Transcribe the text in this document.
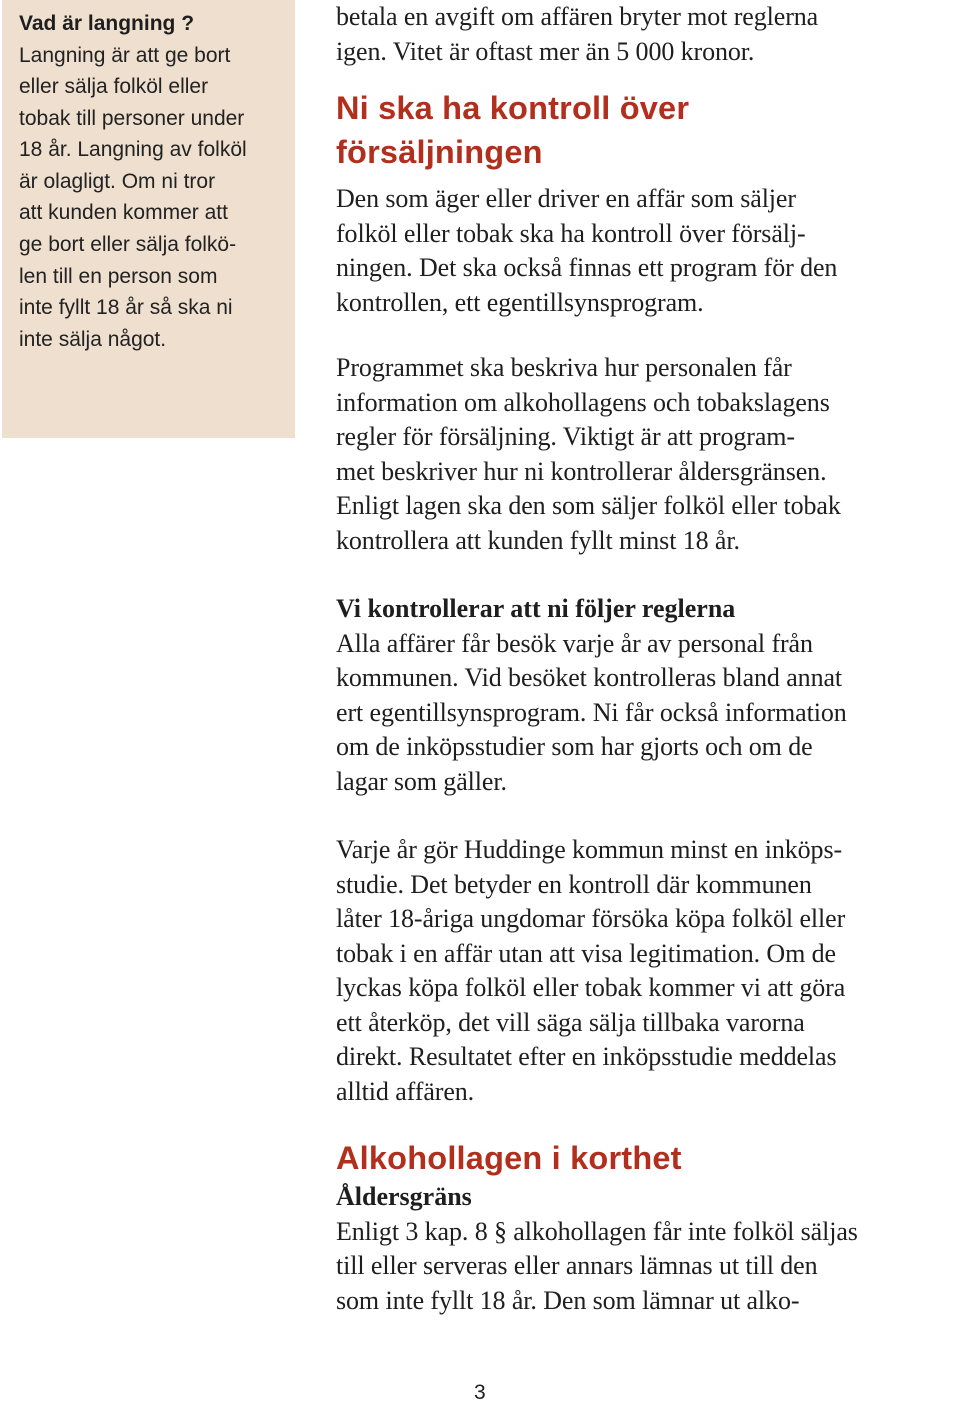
Vad är langning ?
Langning är att ge bort
eller sälja folköl eller
tobak till personer under
18 år. Langning av folköl
är olagligt. Om ni tror
att kunden kommer att
ge bort eller sälja folkö-
len till en person som
inte fyllt 18 år så ska ni
inte sälja något.
betala en avgift om affären bryter mot reglerna
igen. Vitet är oftast mer än 5 000 kronor.
Ni ska ha kontroll över
försäljningen
Den som äger eller driver en affär som säljer
folköl eller tobak ska ha kontroll över försälj-
ningen. Det ska också finnas ett program för den
kontrollen, ett egentillsynsprogram.
Programmet ska beskriva hur personalen får
information om alkohollagens och tobakslagens
regler för försäljning. Viktigt är att program-
met beskriver hur ni kontrollerar åldersgränsen.
Enligt lagen ska den som säljer folköl eller tobak
kontrollera att kunden fyllt minst 18 år.
Vi kontrollerar att ni följer reglerna
Alla affärer får besök varje år av personal från
kommunen. Vid besöket kontrolleras bland annat
ert egentillsynsprogram. Ni får också information
om de inköpsstudier som har gjorts och om de
lagar som gäller.
Varje år gör Huddinge kommun minst en inköps-
studie. Det betyder en kontroll där kommunen
låter 18-åriga ungdomar försöka köpa folköl eller
tobak i en affär utan att visa legitimation. Om de
lyckas köpa folköl eller tobak kommer vi att göra
ett återköp, det vill säga sälja tillbaka varorna
direkt. Resultatet efter en inköpsstudie meddelas
alltid affären.
Alkohollagen i korthet
Åldersgräns
Enligt 3 kap. 8 § alkohollagen får inte folköl säljas
till eller serveras eller annars lämnas ut till den
som inte fyllt 18 år. Den som lämnar ut alko-
3
